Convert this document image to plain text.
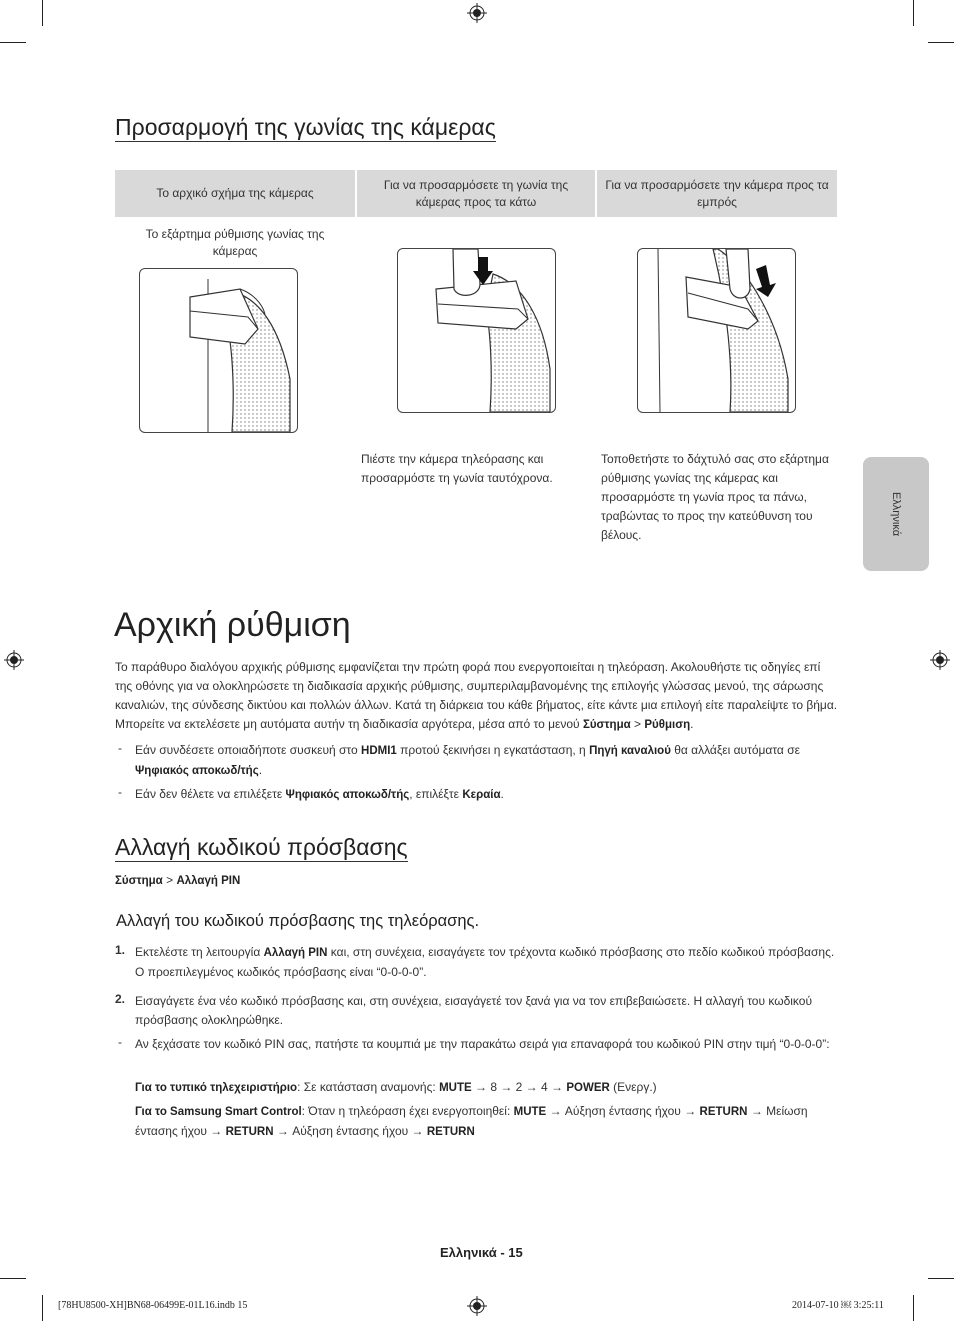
Προσαρμογή της γωνίας της κάμερας
Το αρχικό σχήμα της κάμερας
Για να προσαρμόσετε τη γωνία της κάμερας προς τα κάτω
Για να προσαρμόσετε την κάμερα προς τα εμπρός
Το εξάρτημα ρύθμισης γωνίας της κάμερας
Πιέστε την κάμερα τηλεόρασης και προσαρμόστε τη γωνία ταυτόχρονα.
Τοποθετήστε το δάχτυλό σας στο εξάρτημα ρύθμισης γωνίας της κάμερας και προσαρμόστε τη γωνία προς τα πάνω, τραβώντας το προς την κατεύθυνση του βέλους.	Ελληνικά
Αρχική ρύθμιση
Το παράθυρο διαλόγου αρχικής ρύθμισης εμφανίζεται την πρώτη φορά που ενεργοποιείται η τηλεόραση. Ακολουθήστε τις οδηγίες επί της οθόνης για να ολοκληρώσετε τη διαδικασία αρχικής ρύθμισης, συμπεριλαμβανομένης της επιλογής γλώσσας μενού, της σάρωσης καναλιών, της σύνδεσης δικτύου και πολλών άλλων. Κατά τη διάρκεια του κάθε βήματος, είτε κάντε μια επιλογή είτε παραλείψτε το βήμα. Μπορείτε να εκτελέσετε μη αυτόματα αυτήν τη διαδικασία αργότερα, μέσα από το μενού Σύστημα > Ρύθμιση.
- Εάν συνδέσετε οποιαδήποτε συσκευή στο HDMI1 προτού ξεκινήσει η εγκατάσταση, η Πηγή καναλιού θα αλλάξει αυτόματα σε Ψηφιακός αποκωδ/τής.
- Εάν δεν θέλετε να επιλέξετε Ψηφιακός αποκωδ/τής, επιλέξτε Κεραία.
Αλλαγή κωδικού πρόσβασης
Σύστημα > Αλλαγή PIN
Αλλαγή του κωδικού πρόσβασης της τηλεόρασης.
1. Εκτελέστε τη λειτουργία Αλλαγή PIN και, στη συνέχεια, εισαγάγετε τον τρέχοντα κωδικό πρόσβασης στο πεδίο κωδικού πρόσβασης. Ο προεπιλεγμένος κωδικός πρόσβασης είναι “0-0-0-0”.
2. Εισαγάγετε ένα νέο κωδικό πρόσβασης και, στη συνέχεια, εισαγάγετέ τον ξανά για να τον επιβεβαιώσετε. Η αλλαγή του κωδικού πρόσβασης ολοκληρώθηκε.
- Αν ξεχάσατε τον κωδικό PIN σας, πατήστε τα κουμπιά με την παρακάτω σειρά για επαναφορά του κωδικού PIN στην τιμή “0-0-0-0”:
Για το τυπικό τηλεχειριστήριο: Σε κατάσταση αναμονής: MUTE → 8 → 2 → 4 → POWER (Ενεργ.)
Για το Samsung Smart Control: Όταν η τηλεόραση έχει ενεργοποιηθεί: MUTE → Αύξηση έντασης ήχου → RETURN → Μείωση έντασης ήχου → RETURN → Αύξηση έντασης ήχου → RETURN
Ελληνικά - 15
[78HU8500-XH]BN68-06499E-01L16.indb 15	2014-07-10 ￼ 3:25:11
